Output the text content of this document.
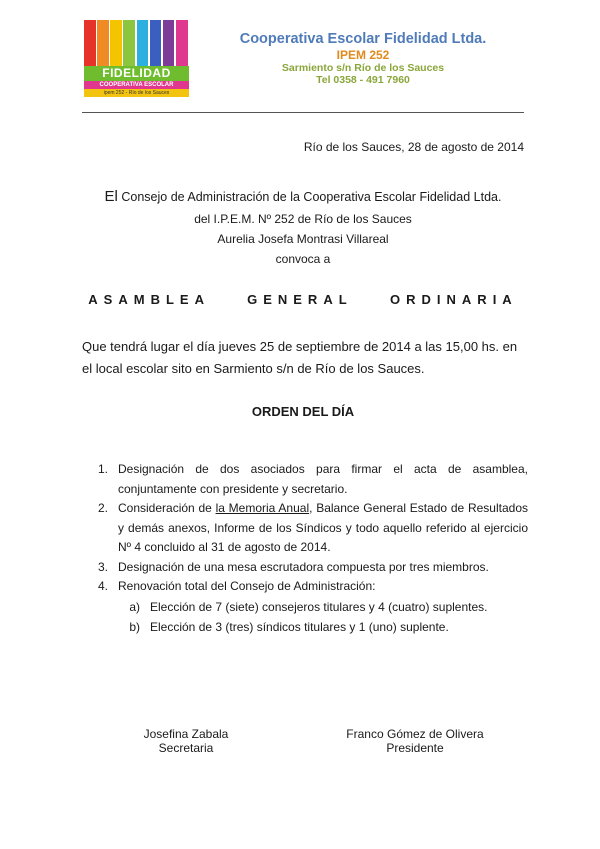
FIDELIDAD
COOPERATIVA ESCOLAR
ipem 252 - Río de los Sauces
Cooperativa Escolar Fidelidad Ltda.
IPEM 252
Sarmiento s/n Río de los Sauces
Tel 0358 - 491 7960
Río de los Sauces, 28 de agosto de 2014
El Consejo de Administración de la Cooperativa Escolar Fidelidad Ltda.
del I.P.E.M. Nº 252 de Río de los Sauces
Aurelia Josefa Montrasi Villareal
convoca a
ASAMBLEA GENERAL ORDINARIA
Que tendrá lugar el día jueves 25 de septiembre de 2014 a las 15,00 hs. en el local escolar sito en Sarmiento s/n de Río de los Sauces.
ORDEN DEL DÍA
1. Designación de dos asociados para firmar el acta de asamblea, conjuntamente con presidente y secretario.
2. Consideración de la Memoria Anual, Balance General Estado de Resultados y demás anexos, Informe de los Síndicos y todo aquello referido al ejercicio Nº 4 concluido al 31 de agosto de 2014.
3. Designación de una mesa escrutadora compuesta por tres miembros.
4. Renovación total del Consejo de Administración:
a) Elección de 7 (siete) consejeros titulares y 4 (cuatro) suplentes.
b) Elección de 3 (tres) síndicos titulares y 1 (uno) suplente.
Josefina Zabala
Secretaria
Franco Gómez de Olivera
Presidente
